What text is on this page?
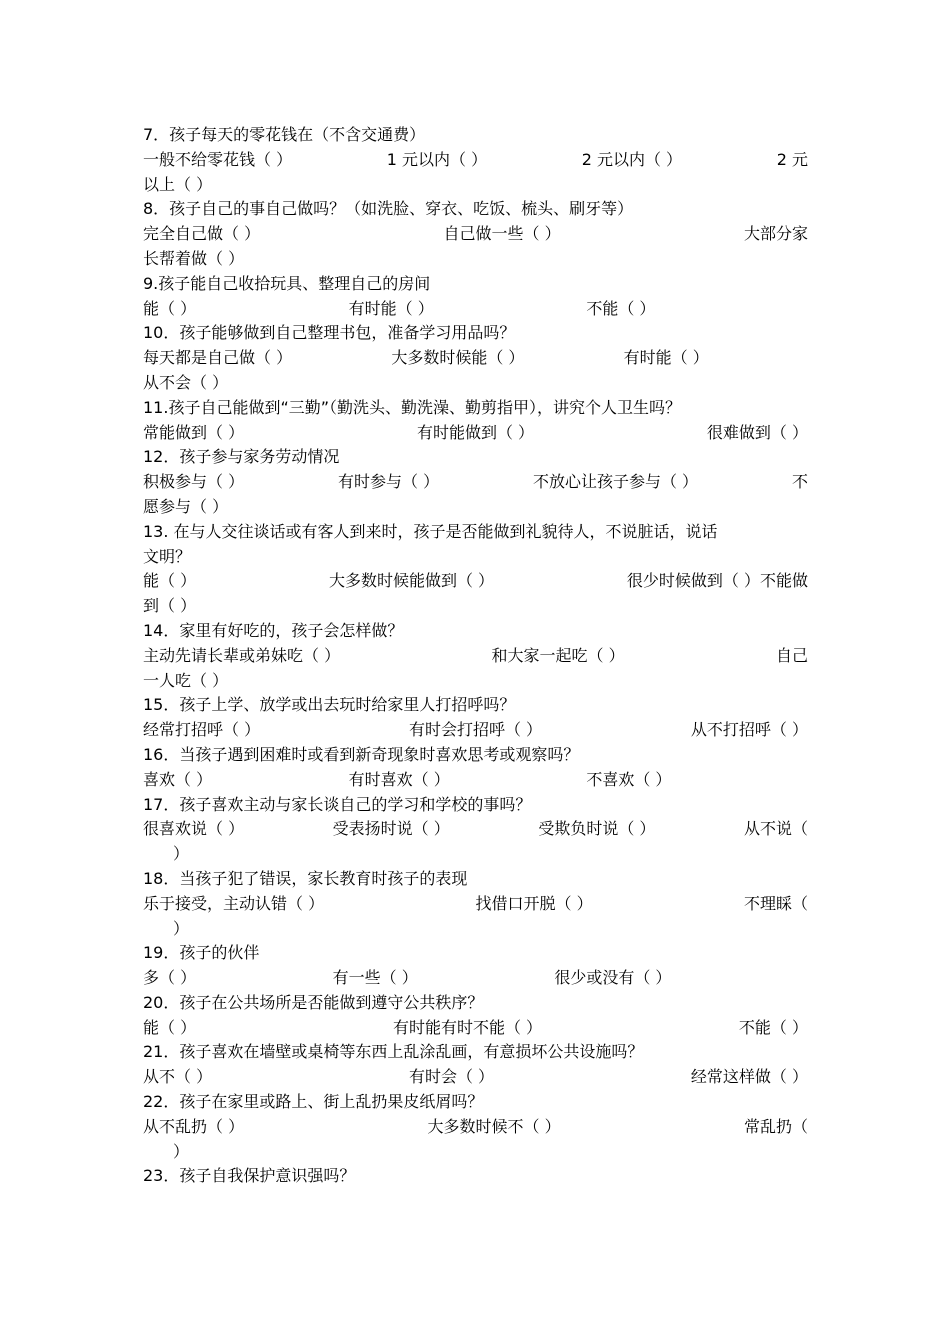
7．孩子每天的零花钱在（不含交通费）
一般不给零花钱（ ）	1 元以内（ ）	2 元以内（ ）	2 元
以上（ ）
8．孩子自己的事自己做吗？（如洗脸、穿衣、吃饭、梳头、刷牙等）
完全自己做（ ）	自己做一些（ ）	大部分家
长帮着做（ ）
9.孩子能自己收拾玩具、整理自己的房间
能（ ）	有时能（ ）	不能（ ）
10．孩子能够做到自己整理书包，准备学习用品吗？
每天都是自己做（ ）	大多数时候能（ ）	有时能（ ）
从不会（ ）
11.孩子自己能做到“三勤”（勤洗头、勤洗澡、勤剪指甲），讲究个人卫生吗？
常能做到（ ）	有时能做到（ ）	很难做到（ ）
12．孩子参与家务劳动情况
积极参与（ ）	有时参与（ ）	不放心让孩子参与（ ）	不
愿参与（ ）
13. 在与人交往谈话或有客人到来时，孩子是否能做到礼貌待人，不说脏话，说话
文明？
能（ ）	大多数时候能做到（ ）	很少时候做到（ ）不能做
到（ ）
14．家里有好吃的，孩子会怎样做？
主动先请长辈或弟妹吃（ ）	和大家一起吃（ ）	自己
一人吃（ ）
15．孩子上学、放学或出去玩时给家里人打招呼吗？
经常打招呼（ ）	有时会打招呼（ ）	从不打招呼（ ）
16．当孩子遇到困难时或看到新奇现象时喜欢思考或观察吗？
喜欢（ ）	有时喜欢（ ）	不喜欢（ ）
17．孩子喜欢主动与家长谈自己的学习和学校的事吗？
很喜欢说（ ）	受表扬时说（ ）	受欺负时说（ ）	从不说（
）
18．当孩子犯了错误，家长教育时孩子的表现
乐于接受，主动认错（ ）	找借口开脱（ ）	不理睬（
）
19．孩子的伙伴
多（ ）	有一些（ ）	很少或没有（ ）
20．孩子在公共场所是否能做到遵守公共秩序？
能（ ）	有时能有时不能（ ）	不能（ ）
21．孩子喜欢在墙壁或桌椅等东西上乱涂乱画，有意损坏公共设施吗？
从不（ ）	有时会（ ）	经常这样做（ ）
22．孩子在家里或路上、街上乱扔果皮纸屑吗？
从不乱扔（ ）	大多数时候不（ ）	常乱扔（
）
23．孩子自我保护意识强吗？
